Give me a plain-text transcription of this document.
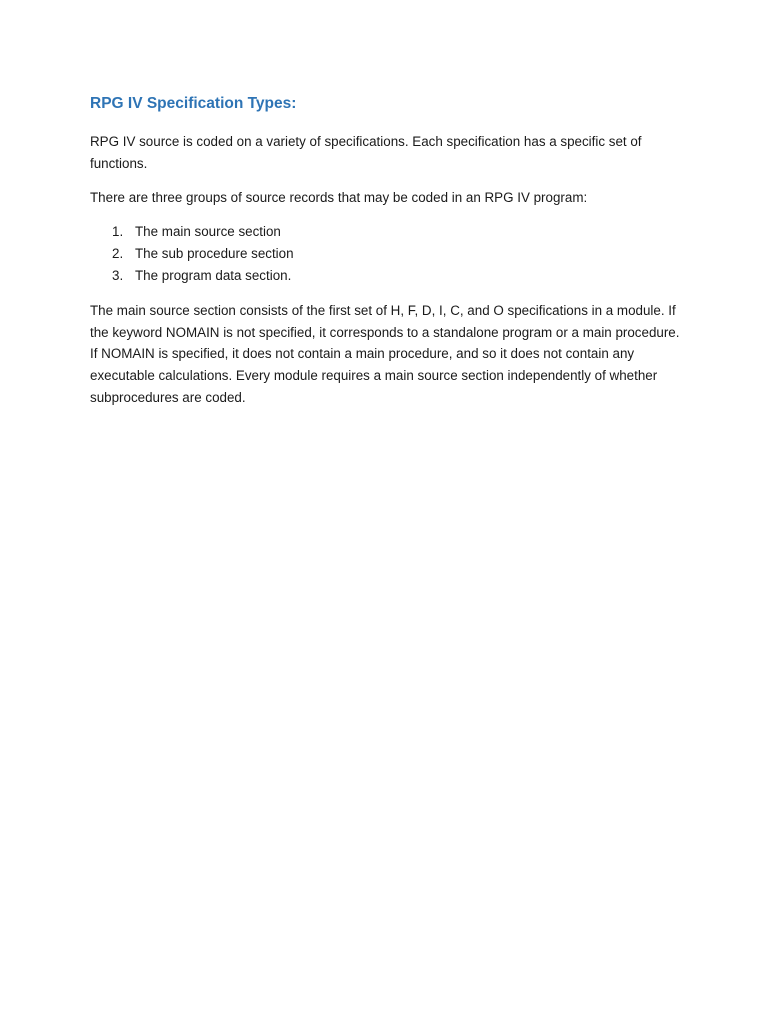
RPG IV Specification Types:

RPG IV source is coded on a variety of specifications. Each specification has a specific set of functions.

There are three groups of source records that may be coded in an RPG IV program:

1. The main source section
2. The sub procedure section
3. The program data section.

The main source section consists of the first set of H, F, D, I, C, and O specifications in a module. If the keyword NOMAIN is not specified, it corresponds to a standalone program or a main procedure. If NOMAIN is specified, it does not contain a main procedure, and so it does not contain any executable calculations. Every module requires a main source section independently of whether subprocedures are coded.
